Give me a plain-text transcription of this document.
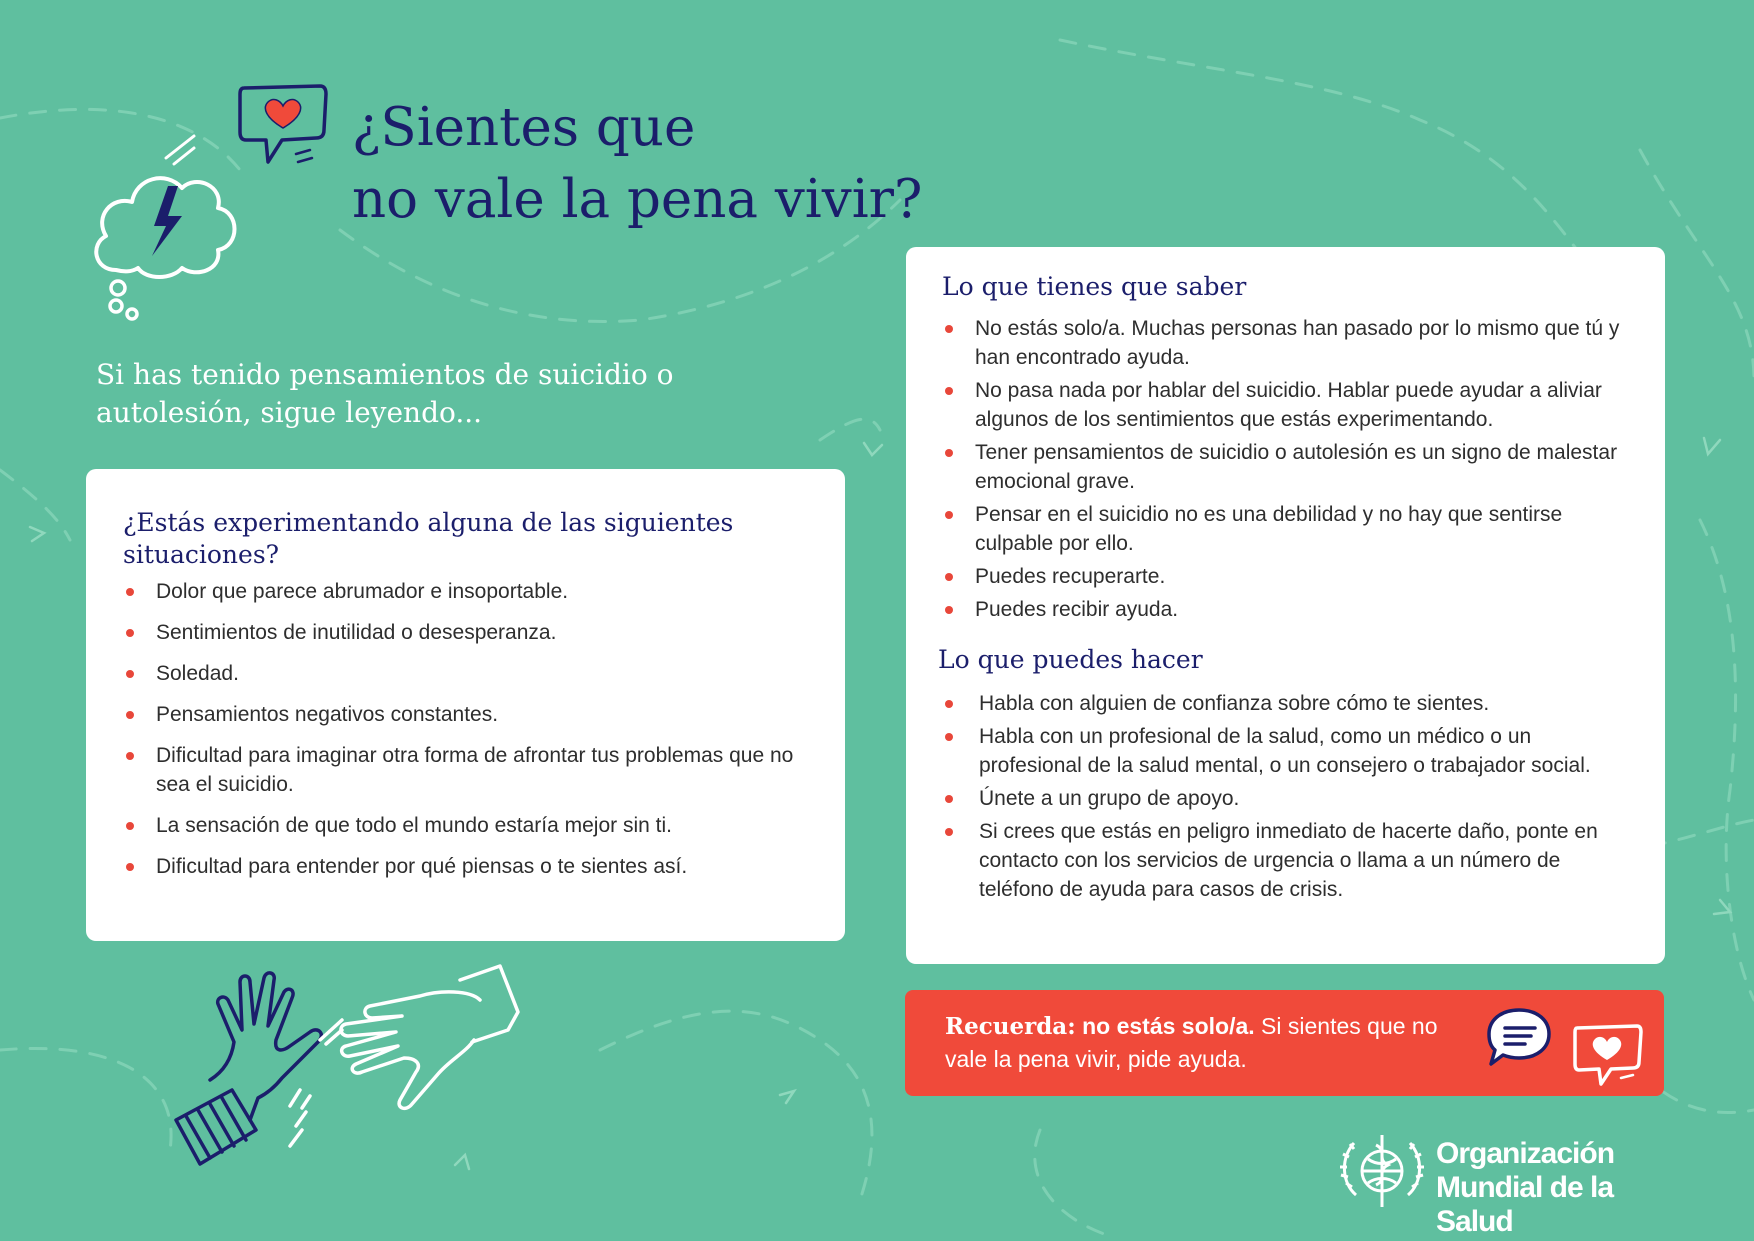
¿Sientes que
no vale la pena vivir?

Si has tenido pensamientos de suicidio o autolesión, sigue leyendo...

¿Estás experimentando alguna de las siguientes situaciones?
Dolor que parece abrumador e insoportable.
Sentimientos de inutilidad o desesperanza.
Soledad.
Pensamientos negativos constantes.
Dificultad para imaginar otra forma de afrontar tus problemas que no sea el suicidio.
La sensación de que todo el mundo estaría mejor sin ti.
Dificultad para entender por qué piensas o te sientes así.
Lo que tienes que saber
No estás solo/a. Muchas personas han pasado por lo mismo que tú y han encontrado ayuda.
No pasa nada por hablar del suicidio. Hablar puede ayudar a aliviar algunos de los sentimientos que estás experimentando.
Tener pensamientos de suicidio o autolesión es un signo de malestar emocional grave.
Pensar en el suicidio no es una debilidad y no hay que sentirse culpable por ello.
Puedes recuperarte.
Puedes recibir ayuda.
Lo que puedes hacer
Habla con alguien de confianza sobre cómo te sientes.
Habla con un profesional de la salud, como un médico o un profesional de la salud mental, o un consejero o trabajador social.
Únete a un grupo de apoyo.
Si crees que estás en peligro inmediato de hacerte daño, ponte en contacto con los servicios de urgencia o llama a un número de teléfono de ayuda para casos de crisis.

Recuerda: no estás solo/a. Si sientes que no vale la pena vivir, pide ayuda.

Organización
Mundial de la Salud
